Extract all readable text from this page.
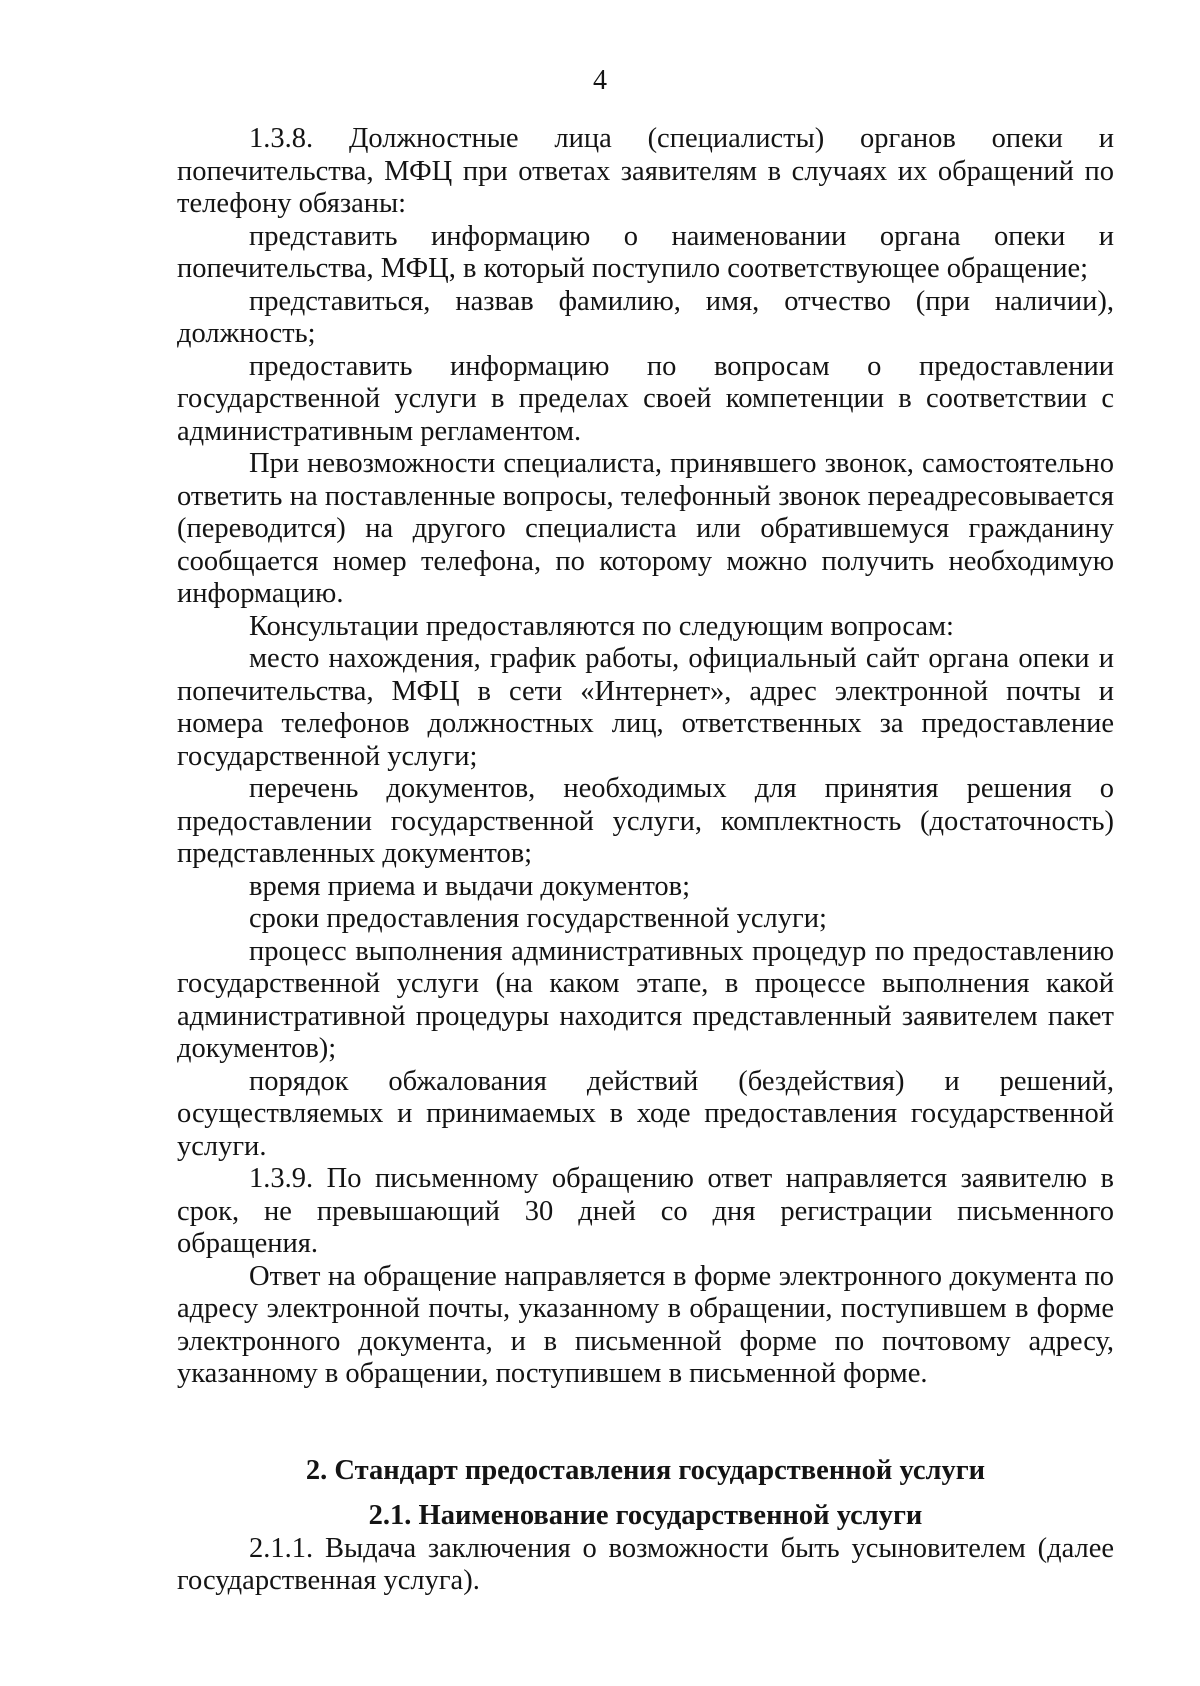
4

1.3.8. Должностные лица (специалисты) органов опеки и попечительства, МФЦ при ответах заявителям в случаях их обращений по телефону обязаны:

представить информацию о наименовании органа опеки и попечительства, МФЦ, в который поступило соответствующее обращение;

представиться, назвав фамилию, имя, отчество (при наличии), должность;

предоставить информацию по вопросам о предоставлении государственной услуги в пределах своей компетенции в соответствии с административным регламентом.

При невозможности специалиста, принявшего звонок, самостоятельно ответить на поставленные вопросы, телефонный звонок переадресовывается (переводится) на другого специалиста или обратившемуся гражданину сообщается номер телефона, по которому можно получить необходимую информацию.

Консультации предоставляются по следующим вопросам:

место нахождения, график работы, официальный сайт органа опеки и попечительства, МФЦ в сети «Интернет», адрес электронной почты и номера телефонов должностных лиц, ответственных за предоставление государственной услуги;

перечень документов, необходимых для принятия решения о предоставлении государственной услуги, комплектность (достаточность) представленных документов;

время приема и выдачи документов;

сроки предоставления государственной услуги;

процесс выполнения административных процедур по предоставлению государственной услуги (на каком этапе, в процессе выполнения какой административной процедуры находится представленный заявителем пакет документов);

порядок обжалования действий (бездействия) и решений, осуществляемых и принимаемых в ходе предоставления государственной услуги.

1.3.9. По письменному обращению ответ направляется заявителю в срок, не превышающий 30 дней со дня регистрации письменного обращения.

Ответ на обращение направляется в форме электронного документа по адресу электронной почты, указанному в обращении, поступившем в форме электронного документа, и в письменной форме по почтовому адресу, указанному в обращении, поступившем в письменной форме.

2. Стандарт предоставления государственной услуги

2.1. Наименование государственной услуги

2.1.1. Выдача заключения о возможности быть усыновителем (далее государственная услуга).
